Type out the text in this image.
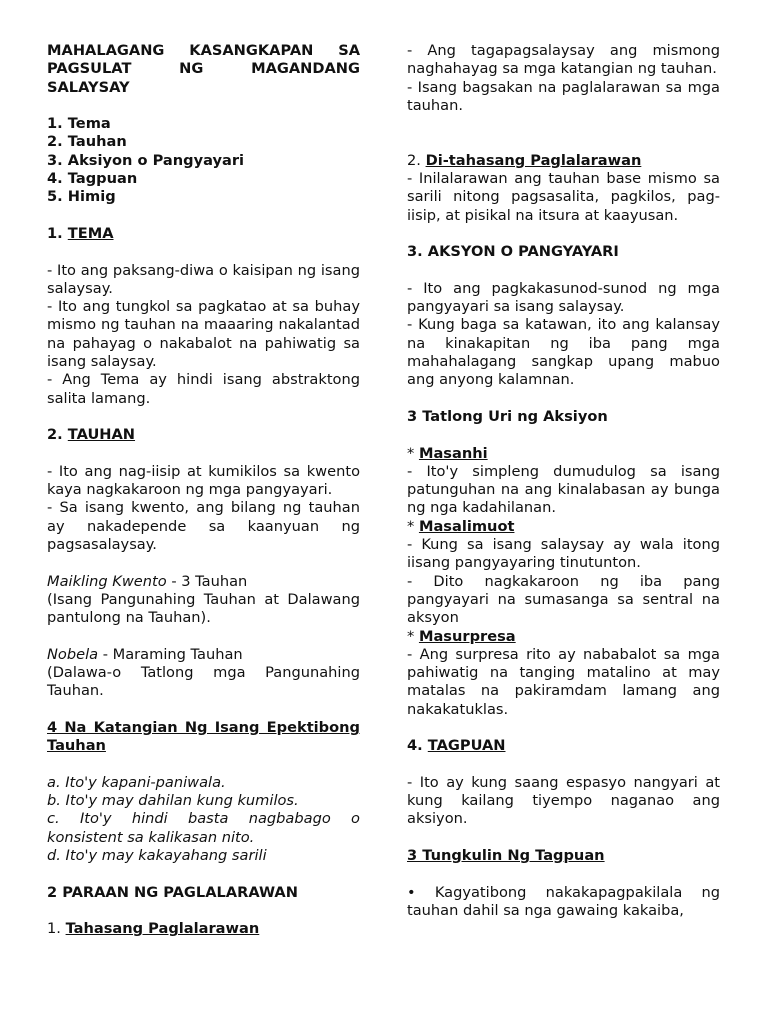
MAHALAGANG KASANGKAPAN SA

PAGSULAT NG MAGANDANG

SALAYSAY

1. Tema

2. Tauhan

3. Aksiyon o Pangyayari

4. Tagpuan

5. Himig

1. TEMA

- Ito ang paksang-diwa o kaisipan ng isang salaysay.

- Ito ang tungkol sa pagkatao at sa buhay mismo ng tauhan na maaaring nakalantad na pahayag o nakabalot na pahiwatig sa isang salaysay.

- Ang Tema ay hindi isang abstraktong salita lamang.

2. TAUHAN

- Ito ang nag-iisip at kumikilos sa kwento kaya nagkakaroon ng mga pangyayari.

- Sa isang kwento, ang bilang ng tauhan ay nakadepende sa kaanyuan ng pagsasalaysay.

Maikling Kwento - 3 Tauhan

(Isang Pangunahing Tauhan at Dalawang pantulong na Tauhan).

Nobela - Maraming Tauhan

(Dalawa-o Tatlong mga Pangunahing Tauhan.

4 Na Katangian Ng Isang Epektibong Tauhan

a. Ito'y kapani-paniwala.

b. Ito'y may dahilan kung kumilos.

c. Ito'y hindi basta nagbabago o konsistent sa kalikasan nito.

d. Ito'y may kakayahang sarili

2 PARAAN NG PAGLALARAWAN

1. Tahasang Paglalarawan

- Ang tagapagsalaysay ang mismong naghahayag sa mga katangian ng tauhan.

- Isang bagsakan na paglalarawan sa mga tauhan.

2. Di-tahasang Paglalarawan

- Inilalarawan ang tauhan base mismo sa sarili nitong pagsasalita, pagkilos, pag-iisip, at pisikal na itsura at kaayusan.

3. AKSYON O PANGYAYARI

- Ito ang pagkakasunod-sunod ng mga pangyayari sa isang salaysay.

- Kung baga sa katawan, ito ang kalansay na kinakapitan ng iba pang mga mahahalagang sangkap upang mabuo ang anyong kalamnan.

3 Tatlong Uri ng Aksiyon

* Masanhi

- Ito'y simpleng dumudulog sa isang patunguhan na ang kinalabasan ay bunga ng nga kadahilanan.

* Masalimuot

- Kung sa isang salaysay ay wala itong iisang pangyayaring tinutunton.

- Dito nagkakaroon ng iba pang pangyayari na sumasanga sa sentral na aksyon

* Masurpresa

- Ang surpresa rito ay nababalot sa mga pahiwatig na tanging matalino at may matalas na pakiramdam lamang ang nakakatuklas.

4. TAGPUAN

- Ito ay kung saang espasyo nangyari at kung kailang tiyempo naganao ang aksiyon.

3 Tungkulin Ng Tagpuan

• Kagyatibong nakakapagpakilala ng tauhan dahil sa nga gawaing kakaiba,
